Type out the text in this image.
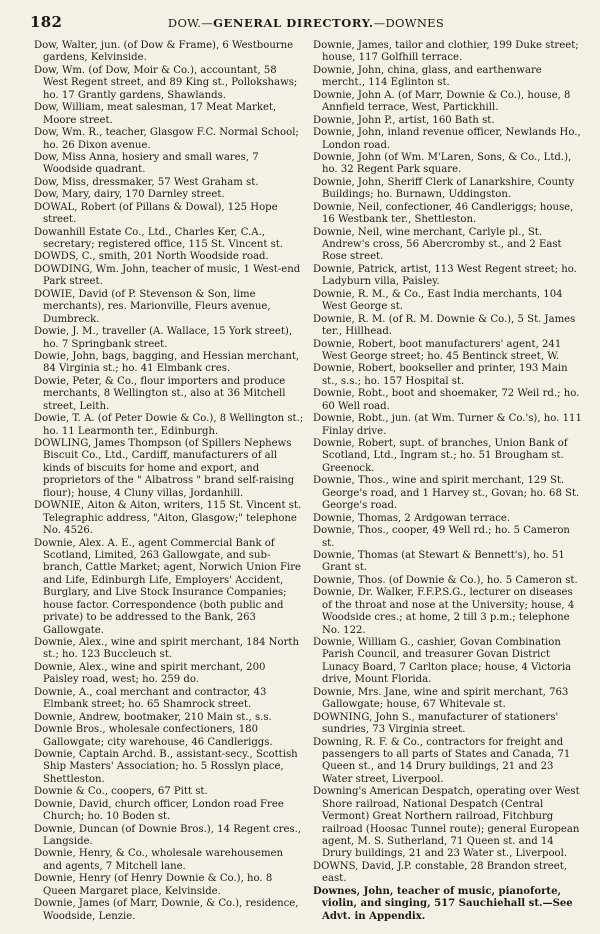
182	DOW.—GENERAL DIRECTORY.—DOWNES

Dow, Walter, jun. (of Dow & Frame), 6 Westbourne gardens, Kelvinside.

Dow, Wm. (of Dow, Moir & Co.), accountant, 58 West Regent street, and 89 King st., Pollokshaws; ho. 17 Grantly gardens, Shawlands.

Dow, William, meat salesman, 17 Meat Market, Moore street.

Dow, Wm. R., teacher, Glasgow F.C. Normal School; ho. 26 Dixon avenue.

Dow, Miss Anna, hosiery and small wares, 7 Woodside quadrant.

Dow, Miss, dressmaker, 57 West Graham st.

Dow, Mary, dairy, 170 Darnley street.

DOWAL, Robert (of Pillans & Dowal), 125 Hope street.

Dowanhill Estate Co., Ltd., Charles Ker, C.A., secretary; registered office, 115 St. Vincent st.

DOWDS, C., smith, 201 North Woodside road.

DOWDING, Wm. John, teacher of music, 1 West-end Park street.

DOWIE, David (of P. Stevenson & Son, lime merchants), res. Marionville, Fleurs avenue, Dumbreck.

Dowie, J. M., traveller (A. Wallace, 15 York street), ho. 7 Springbank street.

Dowie, John, bags, bagging, and Hessian merchant, 84 Virginia st.; ho. 41 Elmbank cres.

Dowie, Peter, & Co., flour importers and produce merchants, 8 Wellington st., also at 36 Mitchell street, Leith.

Dowie, T. A. (of Peter Dowie & Co.), 8 Wellington st.; ho. 11 Learmonth ter., Edinburgh.

DOWLING, James Thompson (of Spillers Nephews Biscuit Co., Ltd., Cardiff, manufacturers of all kinds of biscuits for home and export, and proprietors of the " Albatross " brand self-raising flour); house, 4 Cluny villas, Jordanhill.

DOWNIE, Aiton & Aiton, writers, 115 St. Vincent st. Telegraphic address, "Aiton, Glasgow;" telephone No. 4526.

Downie, Alex. A. E., agent Commercial Bank of Scotland, Limited, 263 Gallowgate, and sub-branch, Cattle Market; agent, Norwich Union Fire and Life, Edinburgh Life, Employers' Accident, Burglary, and Live Stock Insurance Companies; house factor. Correspondence (both public and private) to be addressed to the Bank, 263 Gallowgate.

Downie, Alex., wine and spirit merchant, 184 North st.; ho. 123 Buccleuch st.

Downie, Alex., wine and spirit merchant, 200 Paisley road, west; ho. 259 do.

Downie, A., coal merchant and contractor, 43 Elmbank street; ho. 65 Shamrock street.

Downie, Andrew, bootmaker, 210 Main st., s.s.

Downie Bros., wholesale confectioners, 180 Gallowgate; city warehouse, 46 Candleriggs.

Downie, Captain Archd. B., assistant-secy., Scottish Ship Masters' Association; ho. 5 Rosslyn place, Shettleston.

Downie & Co., coopers, 67 Pitt st.

Downie, David, church officer, London road Free Church; ho. 10 Boden st.

Downie, Duncan (of Downie Bros.), 14 Regent cres., Langside.

Downie, Henry, & Co., wholesale warehousemen and agents, 7 Mitchell lane.

Downie, Henry (of Henry Downie & Co.), ho. 8 Queen Margaret place, Kelvinside.

Downie, James (of Marr, Downie, & Co.), residence, Woodside, Lenzie.

Downie, James, tailor and clothier, 199 Duke street; house, 117 Golfhill terrace.

Downie, John, china, glass, and earthenware mercht., 114 Eglinton st.

Downie, John A. (of Marr, Downie & Co.), house, 8 Annfield terrace, West, Partickhill.

Downie, John P., artist, 160 Bath st.

Downie, John, inland revenue officer, Newlands Ho., London road.

Downie, John (of Wm. M'Laren, Sons, & Co., Ltd.), ho. 32 Regent Park square.

Downie, John, Sheriff Clerk of Lanarkshire, County Buildings; ho. Burnawn, Uddingston.

Downie, Neil, confectioner, 46 Candleriggs; house, 16 Westbank ter., Shettleston.

Downie, Neil, wine merchant, Carlyle pl., St. Andrew's cross, 56 Abercromby st., and 2 East Rose street.

Downie, Patrick, artist, 113 West Regent street; ho. Ladyburn villa, Paisley.

Downie, R. M., & Co., East India merchants, 104 West George st.

Downie, R. M. (of R. M. Downie & Co.), 5 St. James ter., Hillhead.

Downie, Robert, boot manufacturers' agent, 241 West George street; ho. 45 Bentinck street, W.

Downie, Robert, bookseller and printer, 193 Main st., s.s.; ho. 157 Hospital st.

Downie, Robt., boot and shoemaker, 72 Weil rd.; ho. 60 Well road.

Downie, Robt., jun. (at Wm. Turner & Co.'s), ho. 111 Finlay drive.

Downie, Robert, supt. of branches, Union Bank of Scotland, Ltd., Ingram st.; ho. 51 Brougham st. Greenock.

Downie, Thos., wine and spirit merchant, 129 St. George's road, and 1 Harvey st., Govan; ho. 68 St. George's road.

Downie, Thomas, 2 Ardgowan terrace.

Downie, Thos., cooper, 49 Well rd.; ho. 5 Cameron st.

Downie, Thomas (at Stewart & Bennett's), ho. 51 Grant st.

Downie, Thos. (of Downie & Co.), ho. 5 Cameron st.

Downie, Dr. Walker, F.F.P.S.G., lecturer on diseases of the throat and nose at the University; house, 4 Woodside cres.; at home, 2 till 3 p.m.; telephone No. 122.

Downie, William G., cashier, Govan Combination Parish Council, and treasurer Govan District Lunacy Board, 7 Carlton place; house, 4 Victoria drive, Mount Florida.

Downie, Mrs. Jane, wine and spirit merchant, 763 Gallowgate; house, 67 Whitevale st.

DOWNING, John S., manufacturer of stationers' sundries, 73 Virginia street.

Downing, R. F. & Co., contractors for freight and passengers to all parts of States and Canada, 71 Queen st., and 14 Drury buildings, 21 and 23 Water street, Liverpool.

Downing's American Despatch, operating over West Shore railroad, National Despatch (Central Vermont) Great Northern railroad, Fitchburg railroad (Hoosac Tunnel route); general European agent, M. S. Sutherland, 71 Queen st. and 14 Drury buildings, 21 and 23 Water st., Liverpool.

DOWNS, David, J.P. constable, 28 Brandon street, east.

Downes, John, teacher of music, pianoforte, violin, and singing, 517 Sauchiehall st.—See Advt. in Appendix.
